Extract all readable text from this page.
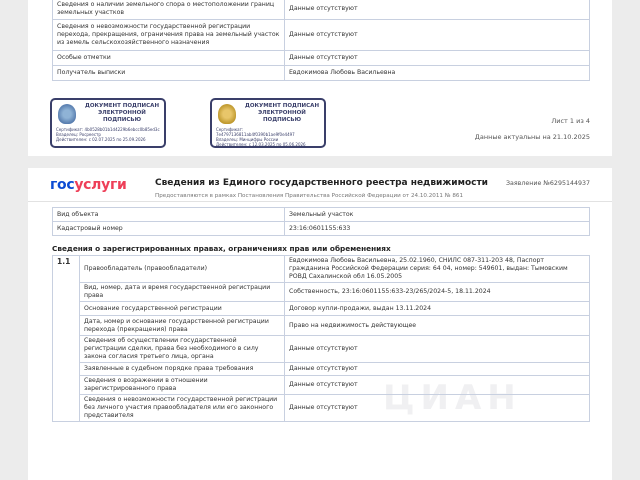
Сведения о наличии земельного спора о местоположении границ земельных участков	Данные отсутствуют
Сведения о невозможности государственной регистрации перехода, прекращения, ограничения права на земельный участок из земель сельскохозяйственного назначения	Данные отсутствуют
Особые отметки	Данные отсутствуют
Получатель выписки	Евдокимова Любовь Васильевна
ДОКУМЕНТ ПОДПИСАН ЭЛЕКТРОННОЙ ПОДПИСЬЮ
Сертификат: 4b0528b01b1d4229b6ebcc0b85ed3c
Владелец: Росреестр
Действителен: с 02.07.2025 по 25.09.2026
ДОКУМЕНТ ПОДПИСАН ЭЛЕКТРОННОЙ ПОДПИСЬЮ
Сертификат: 7e4797136811ab4f0390b1ae9f0e4497
Владелец: Минцифры России
Действителен: с 12.03.2025 по 05.06.2026
Лист 1 из 4
Данные актуальны на 21.10.2025
ЦИАН
госуслуги	Сведения из Единого государственного реестра недвижимости
Предоставляются в рамках Постановления Правительства Российской Федерации от 24.10.2011 № 861
Заявление №6295144937
Вид объекта	Земельный участок
Кадастровый номер	23:16:0601155:633
Сведения о зарегистрированных правах, ограничениях прав или обременениях
1.1	Правообладатель (правообладатели)	Евдокимова Любовь Васильевна, 25.02.1960, СНИЛС 087-311-203 48, Паспорт гражданина Российской Федерации серия: 64 04, номер: 549601, выдан: Тымовским РОВД Сахалинской обл 16.05.2005
	Вид, номер, дата и время государственной регистрации права	Собственность, 23:16:0601155:633-23/265/2024-5, 18.11.2024
	Основание государственной регистрации	Договор купли-продажи, выдан 13.11.2024
	Дата, номер и основание государственной регистрации перехода (прекращения) права	Право на недвижимость действующее
	Сведения об осуществлении государственной регистрации сделки, права без необходимого в силу закона согласия третьего лица, органа	Данные отсутствуют
	Заявленные в судебном порядке права требования	Данные отсутствуют
	Сведения о возражении в отношении зарегистрированного права	Данные отсутствуют
	Сведения о невозможности государственной регистрации без личного участия правообладателя или его законного представителя	Данные отсутствуют
